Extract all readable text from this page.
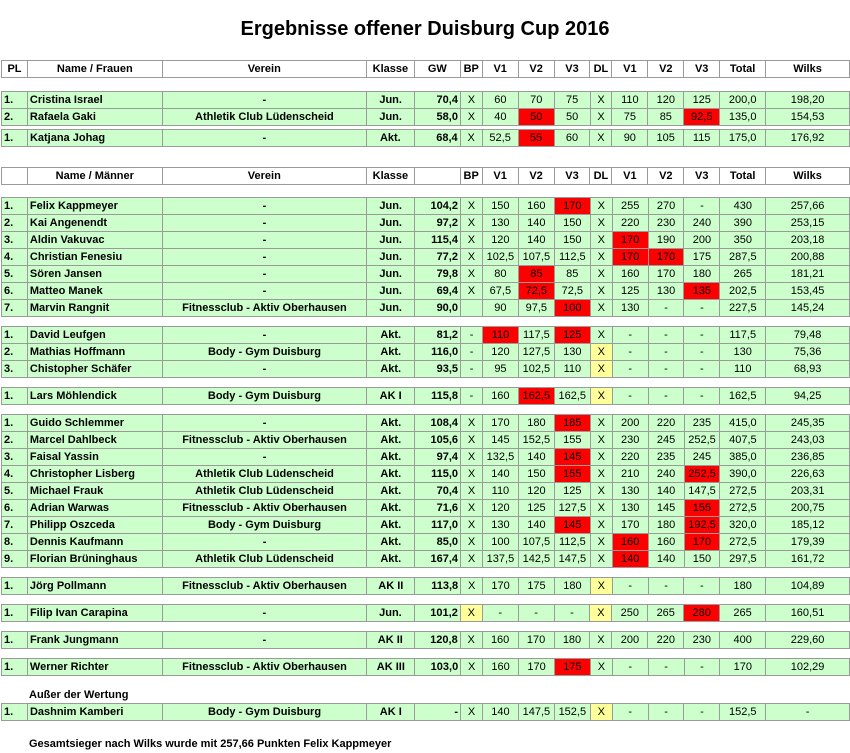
Ergebnisse offener Duisburg Cup 2016
PL	Name / Frauen	Verein	Klasse	GW	BP	V1	V2	V3	DL	V1	V2	V3	Total	Wilks
1.	Cristina Israel	-	Jun.	70,4	X	60	70	75	X	110	120	125	200,0	198,20
2.	Rafaela Gaki	Athletik Club Lüdenscheid	Jun.	58,0	X	40	50	50	X	75	85	92,5	135,0	154,53
1.	Katjana Johag	-	Akt.	68,4	X	52,5	55	60	X	90	105	115	175,0	176,92
	Name / Männer	Verein	Klasse		BP	V1	V2	V3	DL	V1	V2	V3	Total	Wilks
1.	Felix Kappmeyer	-	Jun.	104,2	X	150	160	170	X	255	270	-	430	257,66
2.	Kai Angenendt	-	Jun.	97,2	X	130	140	150	X	220	230	240	390	253,15
3.	Aldin Vakuvac	-	Jun.	115,4	X	120	140	150	X	170	190	200	350	203,18
4.	Christian Fenesiu	-	Jun.	77,2	X	102,5	107,5	112,5	X	170	170	175	287,5	200,88
5.	Sören Jansen	-	Jun.	79,8	X	80	85	85	X	160	170	180	265	181,21
6.	Matteo Manek	-	Jun.	69,4	X	67,5	72,5	72,5	X	125	130	135	202,5	153,45
7.	Marvin Rangnit	Fitnessclub - Aktiv Oberhausen	Jun.	90,0		90	97,5	100	X	130	-	-	227,5	145,24
1.	David Leufgen	-	Akt.	81,2	-	110	117,5	125	X	-	-	-	117,5	79,48
2.	Mathias Hoffmann	Body - Gym Duisburg	Akt.	116,0	-	120	127,5	130	X	-	-	-	130	75,36
3.	Chistopher Schäfer	-	Akt.	93,5	-	95	102,5	110	X	-	-	-	110	68,93
1.	Lars Möhlendick	Body - Gym Duisburg	AK I	115,8	-	160	162,5	162,5	X	-	-	-	162,5	94,25
1.	Guido Schlemmer	-	Akt.	108,4	X	170	180	185	X	200	220	235	415,0	245,35
2.	Marcel Dahlbeck	Fitnessclub - Aktiv Oberhausen	Akt.	105,6	X	145	152,5	155	X	230	245	252,5	407,5	243,03
3.	Faisal Yassin	-	Akt.	97,4	X	132,5	140	145	X	220	235	245	385,0	236,85
4.	Christopher Lisberg	Athletik Club Lüdenscheid	Akt.	115,0	X	140	150	155	X	210	240	252,5	390,0	226,63
5.	Michael Frauk	Athletik Club Lüdenscheid	Akt.	70,4	X	110	120	125	X	130	140	147,5	272,5	203,31
6.	Adrian Warwas	Fitnessclub - Aktiv Oberhausen	Akt.	71,6	X	120	125	127,5	X	130	145	155	272,5	200,75
7.	Philipp Oszceda	Body - Gym Duisburg	Akt.	117,0	X	130	140	145	X	170	180	192,5	320,0	185,12
8.	Dennis Kaufmann	-	Akt.	85,0	X	100	107,5	112,5	X	160	160	170	272,5	179,39
9.	Florian Brüninghaus	Athletik Club Lüdenscheid	Akt.	167,4	X	137,5	142,5	147,5	X	140	140	150	297,5	161,72
1.	Jörg Pollmann	Fitnessclub - Aktiv Oberhausen	AK II	113,8	X	170	175	180	X	-	-	-	180	104,89
1.	Filip Ivan Carapina	-	Jun.	101,2	X	-	-	-	X	250	265	280	265	160,51
1.	Frank Jungmann	-	AK II	120,8	X	160	170	180	X	200	220	230	400	229,60
1.	Werner Richter	Fitnessclub - Aktiv Oberhausen	AK III	103,0	X	160	170	175	X	-	-	-	170	102,29
Außer der Wertung
1.	Dashnim Kamberi	Body - Gym Duisburg	AK I	-	X	140	147,5	152,5	X	-	-	-	152,5	-
Gesamtsieger nach Wilks wurde mit 257,66 Punkten Felix Kappmeyer
